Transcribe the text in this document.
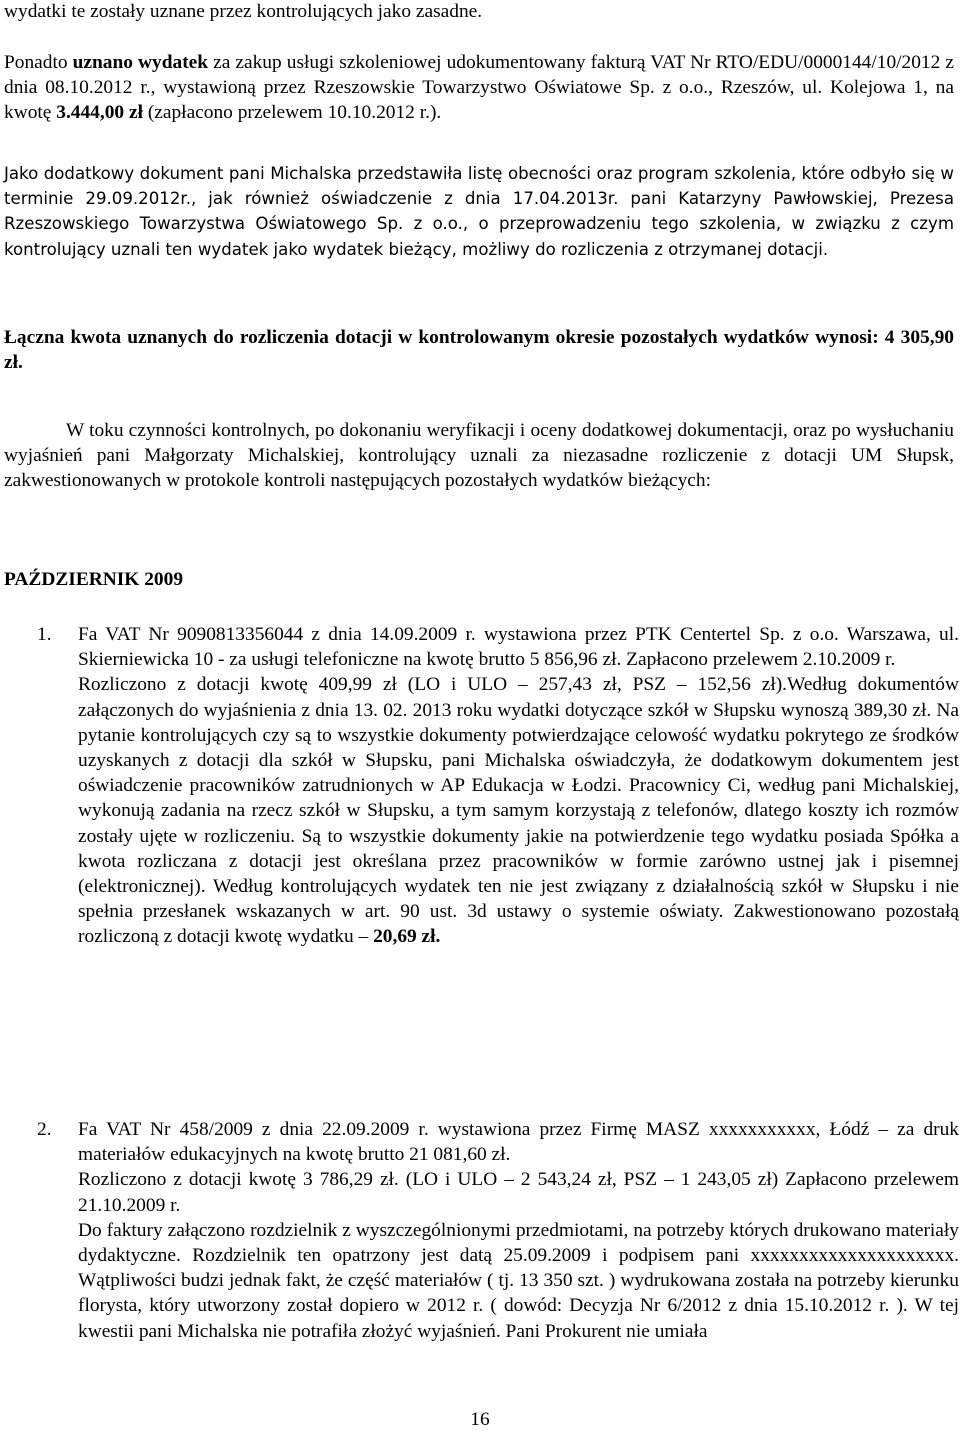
wydatki te zostały uznane przez kontrolujących jako zasadne.
Ponadto uznano wydatek za zakup usługi szkoleniowej udokumentowany fakturą VAT Nr RTO/EDU/0000144/10/2012 z dnia 08.10.2012 r., wystawioną przez Rzeszowskie Towarzystwo Oświatowe Sp. z o.o., Rzeszów, ul. Kolejowa 1, na kwotę 3.444,00 zł (zapłacono przelewem 10.10.2012 r.).
Jako dodatkowy dokument pani Michalska przedstawiła listę obecności oraz program szkolenia, które odbyło się w terminie 29.09.2012r., jak również oświadczenie z dnia 17.04.2013r. pani Katarzyny Pawłowskiej, Prezesa Rzeszowskiego Towarzystwa Oświatowego Sp. z o.o., o przeprowadzeniu tego szkolenia, w związku z czym kontrolujący uznali ten wydatek jako wydatek bieżący, możliwy do rozliczenia z otrzymanej dotacji.
Łączna kwota uznanych do rozliczenia dotacji w kontrolowanym okresie pozostałych wydatków wynosi: 4 305,90 zł.
W toku czynności kontrolnych, po dokonaniu weryfikacji i oceny dodatkowej dokumentacji, oraz po wysłuchaniu wyjaśnień pani Małgorzaty Michalskiej, kontrolujący uznali za niezasadne rozliczenie z dotacji UM Słupsk, zakwestionowanych w protokole kontroli następujących pozostałych wydatków bieżących:
PAŹDZIERNIK 2009
1. Fa VAT Nr 9090813356044 z dnia 14.09.2009 r. wystawiona przez PTK Centertel Sp. z o.o. Warszawa, ul. Skierniewicka 10 - za usługi telefoniczne na kwotę brutto 5 856,96 zł. Zapłacono przelewem 2.10.2009 r.

Rozliczono z dotacji kwotę 409,99 zł (LO i ULO – 257,43 zł, PSZ – 152,56 zł).Według dokumentów załączonych do wyjaśnienia z dnia 13. 02. 2013 roku wydatki dotyczące szkół w Słupsku wynoszą 389,30 zł. Na pytanie kontrolujących czy są to wszystkie dokumenty potwierdzające celowość wydatku pokrytego ze środków uzyskanych z dotacji dla szkół w Słupsku, pani Michalska oświadczyła, że dodatkowym dokumentem jest oświadczenie pracowników zatrudnionych w AP Edukacja w Łodzi. Pracownicy Ci, według pani Michalskiej, wykonują zadania na rzecz szkół w Słupsku, a tym samym korzystają z telefonów, dlatego koszty ich rozmów zostały ujęte w rozliczeniu. Są to wszystkie dokumenty jakie na potwierdzenie tego wydatku posiada Spółka a kwota rozliczana z dotacji jest określana przez pracowników w formie zarówno ustnej jak i pisemnej (elektronicznej). Według kontrolujących wydatek ten nie jest związany z działalnością szkół w Słupsku i nie spełnia przesłanek wskazanych w art. 90 ust. 3d ustawy o systemie oświaty. Zakwestionowano pozostałą rozliczoną z dotacji kwotę wydatku – 20,69 zł.

2. Fa VAT Nr 458/2009 z dnia 22.09.2009 r. wystawiona przez Firmę MASZ xxxxxxxxxxx, Łódź – za druk materiałów edukacyjnych na kwotę brutto 21 081,60 zł.

Rozliczono z dotacji kwotę 3 786,29 zł. (LO i ULO – 2 543,24 zł, PSZ – 1 243,05 zł) Zapłacono przelewem 21.10.2009 r.

Do faktury załączono rozdzielnik z wyszczególnionymi przedmiotami, na potrzeby których drukowano materiały dydaktyczne. Rozdzielnik ten opatrzony jest datą 25.09.2009 i podpisem pani xxxxxxxxxxxxxxxxxxxxx. Wątpliwości budzi jednak fakt, że część materiałów ( tj. 13 350 szt. ) wydrukowana została na potrzeby kierunku florysta, który utworzony został dopiero w 2012 r. ( dowód: Decyzja Nr 6/2012 z dnia 15.10.2012 r. ). W tej kwestii pani Michalska nie potrafiła złożyć wyjaśnień. Pani Prokurent nie umiała

16
